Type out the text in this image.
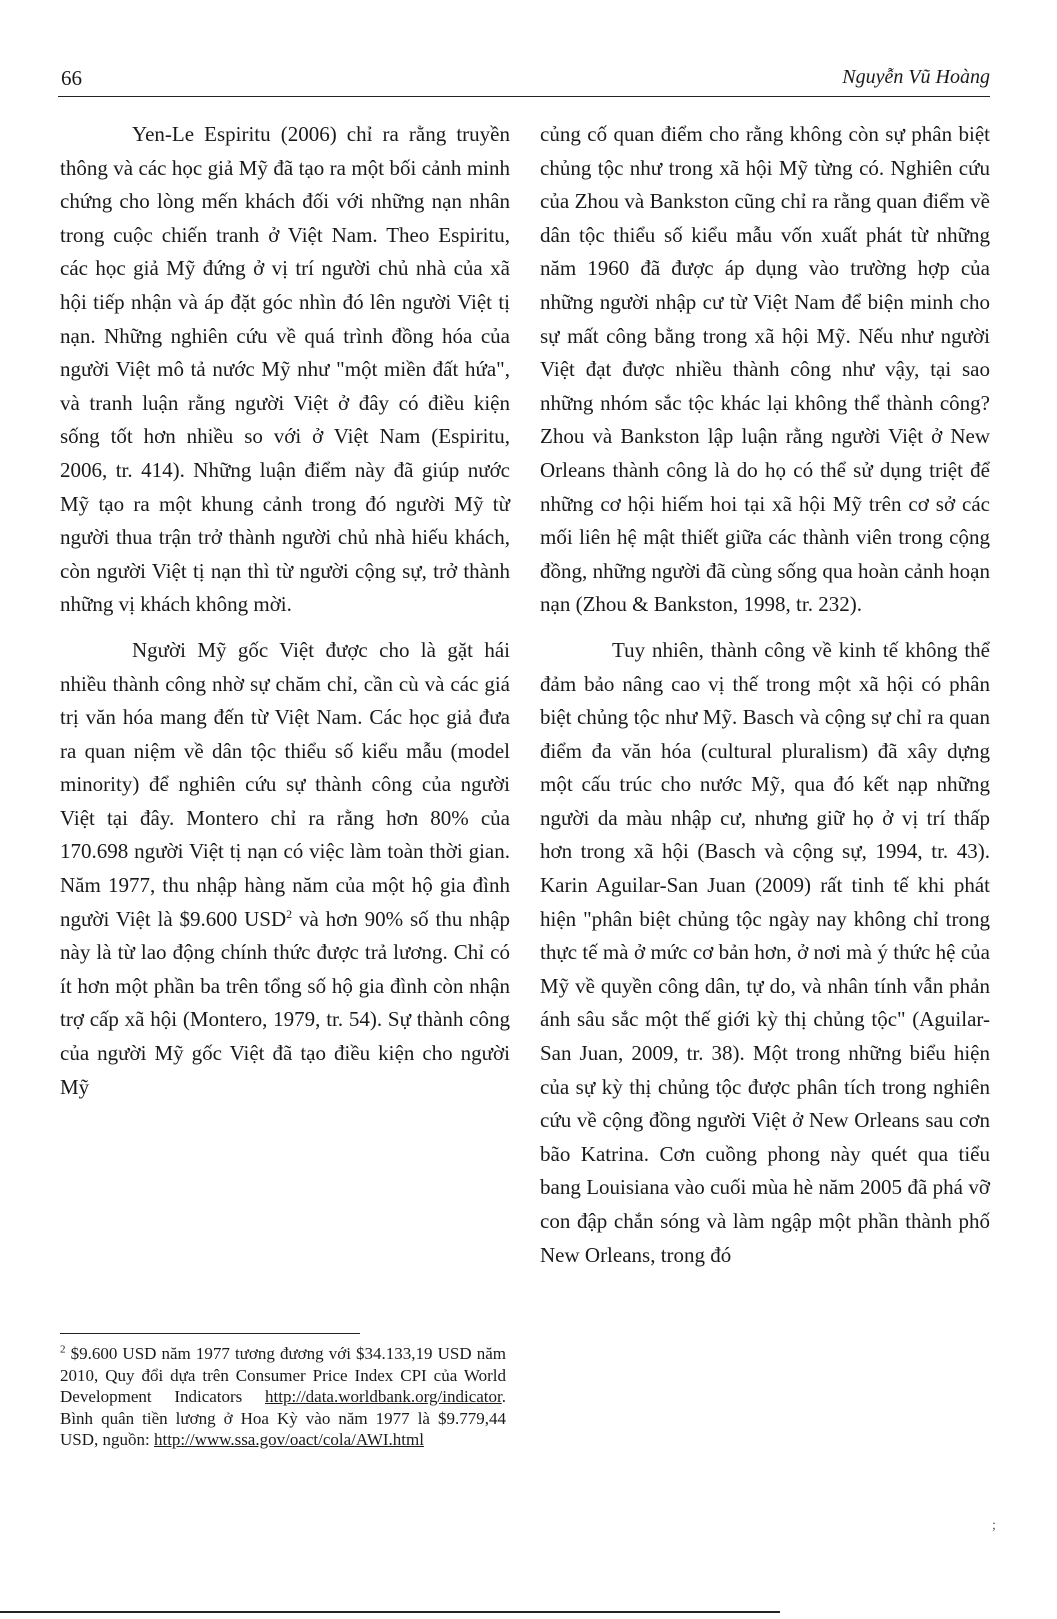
66	Nguyễn Vũ Hoàng

Yen-Le Espiritu (2006) chỉ ra rằng truyền thông và các học giả Mỹ đã tạo ra một bối cảnh minh chứng cho lòng mến khách đối với những nạn nhân trong cuộc chiến tranh ở Việt Nam. Theo Espiritu, các học giả Mỹ đứng ở vị trí người chủ nhà của xã hội tiếp nhận và áp đặt góc nhìn đó lên người Việt tị nạn. Những nghiên cứu về quá trình đồng hóa của người Việt mô tả nước Mỹ như "một miền đất hứa", và tranh luận rằng người Việt ở đây có điều kiện sống tốt hơn nhiều so với ở Việt Nam (Espiritu, 2006, tr. 414). Những luận điểm này đã giúp nước Mỹ tạo ra một khung cảnh trong đó người Mỹ từ người thua trận trở thành người chủ nhà hiếu khách, còn người Việt tị nạn thì từ người cộng sự, trở thành những vị khách không mời.

Người Mỹ gốc Việt được cho là gặt hái nhiều thành công nhờ sự chăm chỉ, cần cù và các giá trị văn hóa mang đến từ Việt Nam. Các học giả đưa ra quan niệm về dân tộc thiểu số kiểu mẫu (model minority) để nghiên cứu sự thành công của người Việt tại đây. Montero chỉ ra rằng hơn 80% của 170.698 người Việt tị nạn có việc làm toàn thời gian. Năm 1977, thu nhập hàng năm của một hộ gia đình người Việt là $9.600 USD$^2$ và hơn 90% số thu nhập này là từ lao động chính thức được trả lương. Chỉ có ít hơn một phần ba trên tổng số hộ gia đình còn nhận trợ cấp xã hội (Montero, 1979, tr. 54). Sự thành công của người Mỹ gốc Việt đã tạo điều kiện cho người Mỹ

củng cố quan điểm cho rằng không còn sự phân biệt chủng tộc như trong xã hội Mỹ từng có. Nghiên cứu của Zhou và Bankston cũng chỉ ra rằng quan điểm về dân tộc thiểu số kiểu mẫu vốn xuất phát từ những năm 1960 đã được áp dụng vào trường hợp của những người nhập cư từ Việt Nam để biện minh cho sự mất công bằng trong xã hội Mỹ. Nếu như người Việt đạt được nhiều thành công như vậy, tại sao những nhóm sắc tộc khác lại không thể thành công? Zhou và Bankston lập luận rằng người Việt ở New Orleans thành công là do họ có thể sử dụng triệt để những cơ hội hiếm hoi tại xã hội Mỹ trên cơ sở các mối liên hệ mật thiết giữa các thành viên trong cộng đồng, những người đã cùng sống qua hoàn cảnh hoạn nạn (Zhou & Bankston, 1998, tr. 232).

Tuy nhiên, thành công về kinh tế không thể đảm bảo nâng cao vị thế trong một xã hội có phân biệt chủng tộc như Mỹ. Basch và cộng sự chỉ ra quan điểm đa văn hóa (cultural pluralism) đã xây dựng một cấu trúc cho nước Mỹ, qua đó kết nạp những người da màu nhập cư, nhưng giữ họ ở vị trí thấp hơn trong xã hội (Basch và cộng sự, 1994, tr. 43). Karin Aguilar-San Juan (2009) rất tinh tế khi phát hiện "phân biệt chủng tộc ngày nay không chỉ trong thực tế mà ở mức cơ bản hơn, ở nơi mà ý thức hệ của Mỹ về quyền công dân, tự do, và nhân tính vẫn phản ánh sâu sắc một thế giới kỳ thị chủng tộc" (Aguilar-San Juan, 2009, tr. 38). Một trong những biểu hiện của sự kỳ thị chủng tộc được phân tích trong nghiên cứu về cộng đồng người Việt ở New Orleans sau cơn bão Katrina. Cơn cuồng phong này quét qua tiểu bang Louisiana vào cuối mùa hè năm 2005 đã phá vỡ con đập chắn sóng và làm ngập một phần thành phố New Orleans, trong đó

$^2$ $9.600 USD năm 1977 tương đương với $34.133,19 USD năm 2010, Quy đổi dựa trên Consumer Price Index CPI của World Development Indicators http://data.worldbank.org/indicator. Bình quân tiền lương ở Hoa Kỳ vào năm 1977 là $9.779,44 USD, nguồn: http://www.ssa.gov/oact/cola/AWI.html
;
